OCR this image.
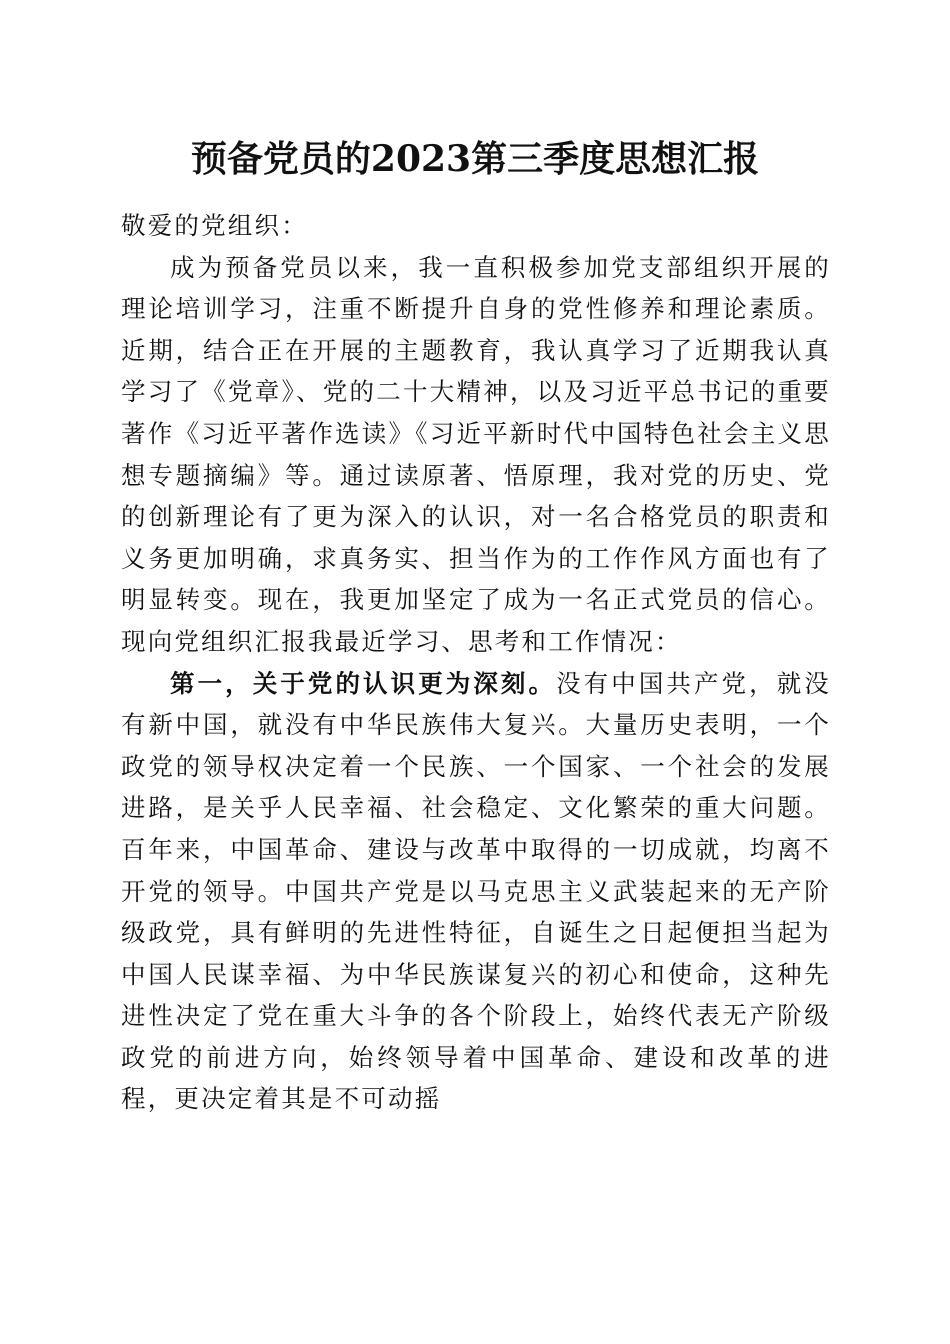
预备党员的2023第三季度思想汇报

敬爱的党组织：

成为预备党员以来，我一直积极参加党支部组织开展的理论培训学习，注重不断提升自身的党性修养和理论素质。近期，结合正在开展的主题教育，我认真学习了近期我认真学习了《党章》、党的二十大精神，以及习近平总书记的重要著作《习近平著作选读》《习近平新时代中国特色社会主义思想专题摘编》等。通过读原著、悟原理，我对党的历史、党的创新理论有了更为深入的认识，对一名合格党员的职责和义务更加明确，求真务实、担当作为的工作作风方面也有了明显转变。现在，我更加坚定了成为一名正式党员的信心。现向党组织汇报我最近学习、思考和工作情况：

第一，关于党的认识更为深刻。没有中国共产党，就没有新中国，就没有中华民族伟大复兴。大量历史表明，一个政党的领导权决定着一个民族、一个国家、一个社会的发展进路，是关乎人民幸福、社会稳定、文化繁荣的重大问题。百年来，中国革命、建设与改革中取得的一切成就，均离不开党的领导。中国共产党是以马克思主义武装起来的无产阶级政党，具有鲜明的先进性特征，自诞生之日起便担当起为中国人民谋幸福、为中华民族谋复兴的初心和使命，这种先进性决定了党在重大斗争的各个阶段上，始终代表无产阶级政党的前进方向，始终领导着中国革命、建设和改革的进程，更决定着其是不可动摇
